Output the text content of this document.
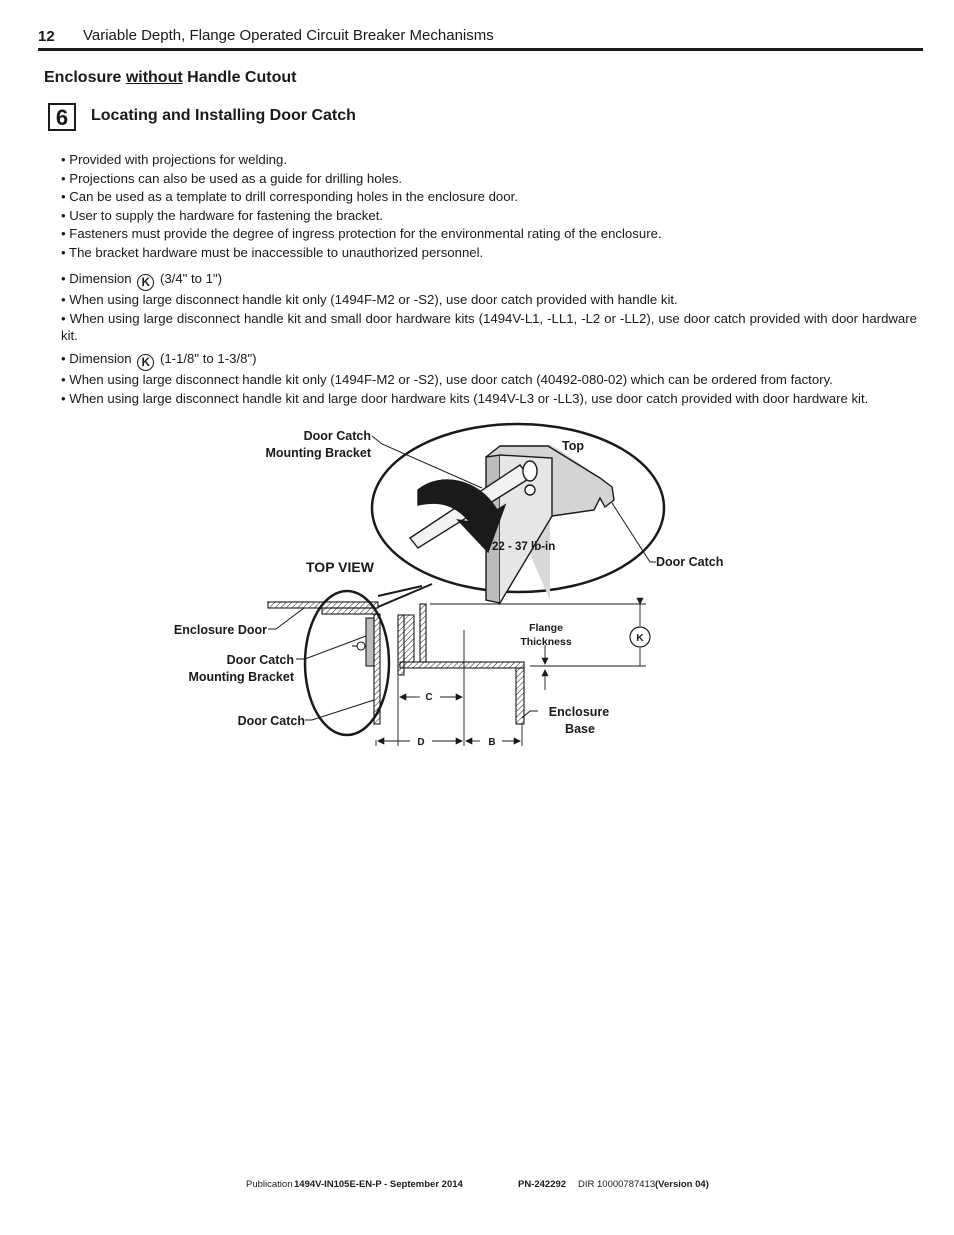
12 Variable Depth, Flange Operated Circuit Breaker Mechanisms
Enclosure without Handle Cutout
6	Locating and Installing Door Catch
• Provided with projections for welding.
• Projections can also be used as a guide for drilling holes.
• Can be used as a template to drill corresponding holes in the enclosure door.
• User to supply the hardware for fastening the bracket.
• Fasteners must provide the degree of ingress protection for the environmental rating of the enclosure.
• The bracket hardware must be inaccessible to unauthorized personnel.
• Dimension K (3/4" to 1")
• When using large disconnect handle kit only (1494F-M2 or -S2), use door catch provided with handle kit.
• When using large disconnect handle kit and small door hardware kits (1494V-L1, -LL1, -L2 or -LL2), use door catch provided with door hardware kit.
• Dimension K (1-1/8" to 1-3/8")
• When using large disconnect handle kit only (1494F-M2 or -S2), use door catch (40492-080-02) which can be ordered from factory.
• When using large disconnect handle kit and large door hardware kits (1494V-L3 or -LL3), use door catch provided with door hardware kit.
Door Catch
Mounting Bracket	Top
22 - 37 lb-in
Door Catch
TOP VIEW
Enclosure Door
Door Catch
Mounting Bracket
Door Catch
Flange
Thickness	K
C
D	B
Enclosure
Base
Publication 1494V-IN105E-EN-P - September 2014	PN-242292 DIR 10000787413 (Version 04)
